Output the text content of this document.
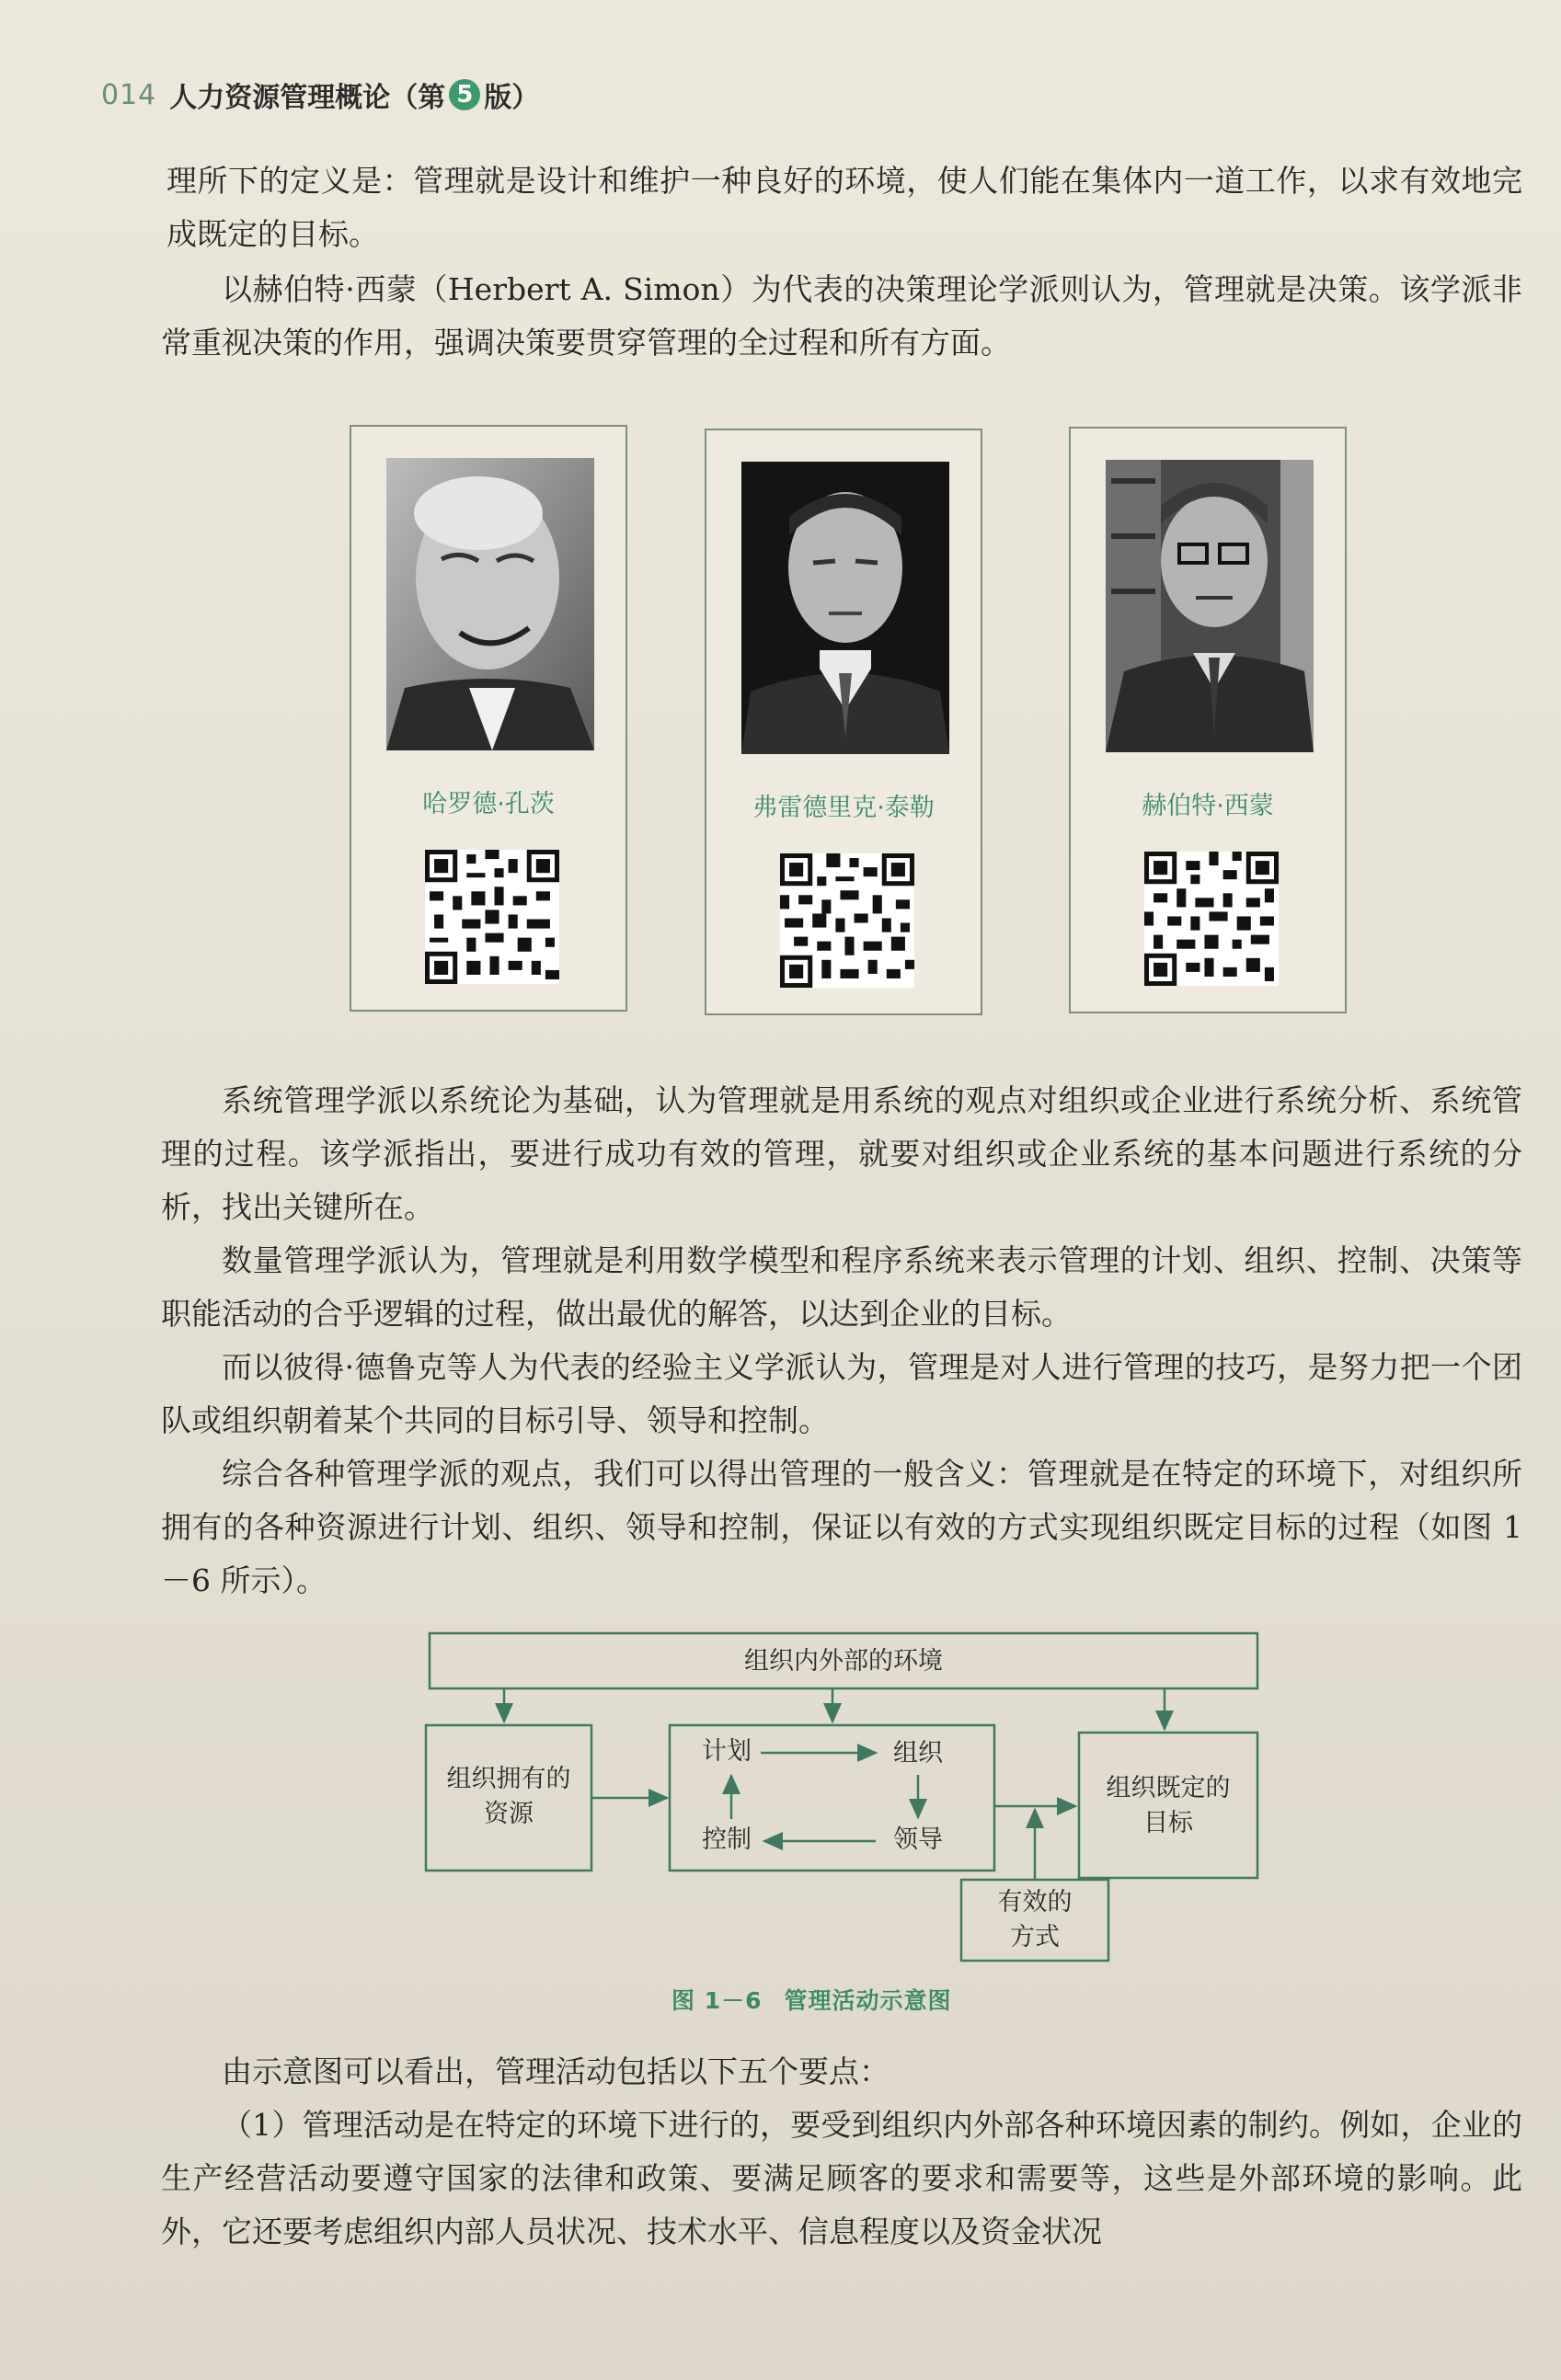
014 人力资源管理概论（第 5 版）

理所下的定义是：管理就是设计和维护一种良好的环境，使人们能在集体内一道工作，以求有效地完成既定的目标。

以赫伯特·西蒙（Herbert A. Simon）为代表的决策理论学派则认为，管理就是决策。该学派非常重视决策的作用，强调决策要贯穿管理的全过程和所有方面。

哈罗德·孔茨	弗雷德里克·泰勒	赫伯特·西蒙

系统管理学派以系统论为基础，认为管理就是用系统的观点对组织或企业进行系统分析、系统管理的过程。该学派指出，要进行成功有效的管理，就要对组织或企业系统的基本问题进行系统的分析，找出关键所在。

数量管理学派认为，管理就是利用数学模型和程序系统来表示管理的计划、组织、控制、决策等职能活动的合乎逻辑的过程，做出最优的解答，以达到企业的目标。

而以彼得·德鲁克等人为代表的经验主义学派认为，管理是对人进行管理的技巧，是努力把一个团队或组织朝着某个共同的目标引导、领导和控制。

综合各种管理学派的观点，我们可以得出管理的一般含义：管理就是在特定的环境下，对组织所拥有的各种资源进行计划、组织、领导和控制，保证以有效的方式实现组织既定目标的过程（如图 1－6 所示）。

组织内外部的环境
组织拥有的
资源
计划	组织
领导
控制
组织既定的
目标
有效的
方式
图 1－6 管理活动示意图

由示意图可以看出，管理活动包括以下五个要点：

（1）管理活动是在特定的环境下进行的，要受到组织内外部各种环境因素的制约。例如，企业的生产经营活动要遵守国家的法律和政策、要满足顾客的要求和需要等，这些是外部环境的影响。此外，它还要考虑组织内部人员状况、技术水平、信息程度以及资金状况
